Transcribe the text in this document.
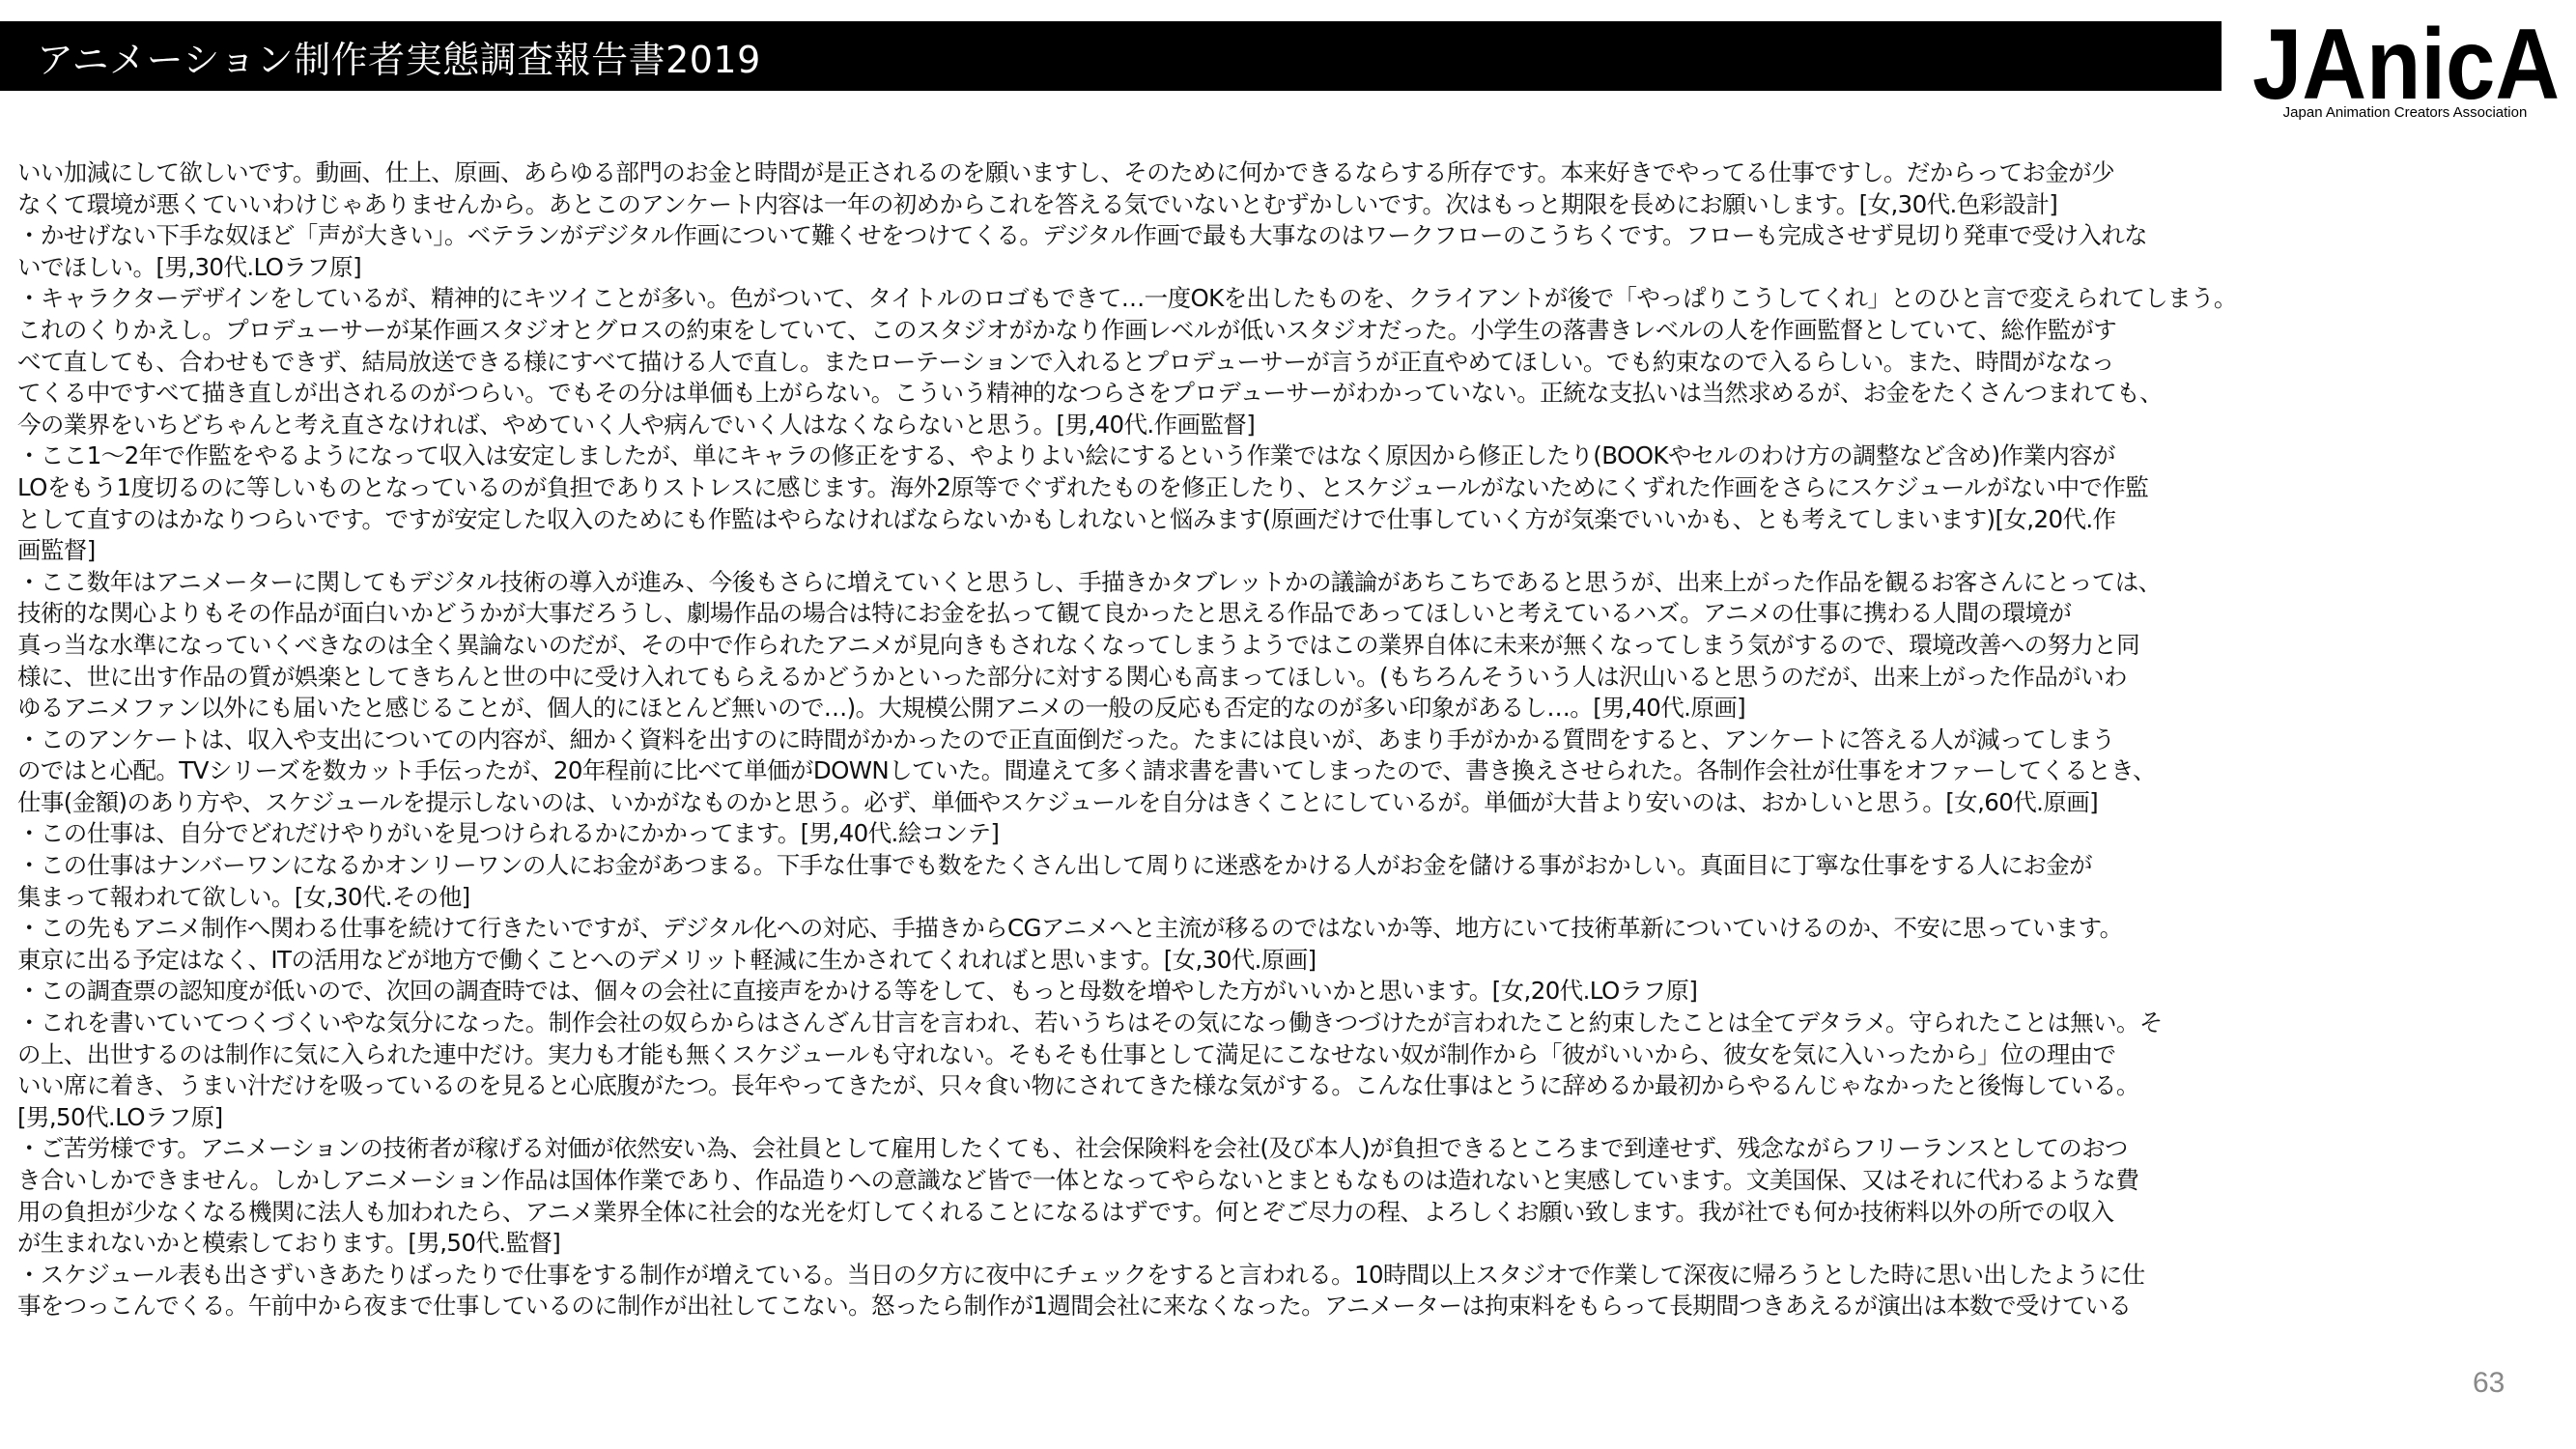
アニメーション制作者実態調査報告書2019	JAnicA
Japan Animation Creators Association
いい加減にして欲しいです。動画、仕上、原画、あらゆる部門のお金と時間が是正されるのを願いますし、そのために何かできるならする所存です。本来好きでやってる仕事ですし。だからってお金が少
なくて環境が悪くていいわけじゃありませんから。あとこのアンケート内容は一年の初めからこれを答える気でいないとむずかしいです。次はもっと期限を長めにお願いします。[女,30代.色彩設計]
・かせげない下手な奴ほど「声が大きい」。ベテランがデジタル作画について難くせをつけてくる。デジタル作画で最も大事なのはワークフローのこうちくです。フローも完成させず見切り発車で受け入れな
いでほしい。[男,30代.LOラフ原]
・キャラクターデザインをしているが、精神的にキツイことが多い。色がついて、タイトルのロゴもできて…一度OKを出したものを、クライアントが後で「やっぱりこうしてくれ」とのひと言で変えられてしまう。
これのくりかえし。プロデューサーが某作画スタジオとグロスの約束をしていて、このスタジオがかなり作画レベルが低いスタジオだった。小学生の落書きレベルの人を作画監督としていて、総作監がす
べて直しても、合わせもできず、結局放送できる様にすべて描ける人で直し。またローテーションで入れるとプロデューサーが言うが正直やめてほしい。でも約束なので入るらしい。また、時間がななっ
てくる中ですべて描き直しが出されるのがつらい。でもその分は単価も上がらない。こういう精神的なつらさをプロデューサーがわかっていない。正統な支払いは当然求めるが、お金をたくさんつまれても、
今の業界をいちどちゃんと考え直さなければ、やめていく人や病んでいく人はなくならないと思う。[男,40代.作画監督]
・ここ1～2年で作監をやるようになって収入は安定しましたが、単にキャラの修正をする、やよりよい絵にするという作業ではなく原因から修正したり(BOOKやセルのわけ方の調整など含め)作業内容が
LOをもう1度切るのに等しいものとなっているのが負担でありストレスに感じます。海外2原等でぐずれたものを修正したり、とスケジュールがないためにくずれた作画をさらにスケジュールがない中で作監
として直すのはかなりつらいです。ですが安定した収入のためにも作監はやらなければならないかもしれないと悩みます(原画だけで仕事していく方が気楽でいいかも、とも考えてしまいます)[女,20代.作
画監督]
・ここ数年はアニメーターに関してもデジタル技術の導入が進み、今後もさらに増えていくと思うし、手描きかタブレットかの議論があちこちであると思うが、出来上がった作品を観るお客さんにとっては、
技術的な関心よりもその作品が面白いかどうかが大事だろうし、劇場作品の場合は特にお金を払って観て良かったと思える作品であってほしいと考えているハズ。アニメの仕事に携わる人間の環境が
真っ当な水準になっていくべきなのは全く異論ないのだが、その中で作られたアニメが見向きもされなくなってしまうようではこの業界自体に未来が無くなってしまう気がするので、環境改善への努力と同
様に、世に出す作品の質が娯楽としてきちんと世の中に受け入れてもらえるかどうかといった部分に対する関心も高まってほしい。(もちろんそういう人は沢山いると思うのだが、出来上がった作品がいわ
ゆるアニメファン以外にも届いたと感じることが、個人的にほとんど無いので…)。大規模公開アニメの一般の反応も否定的なのが多い印象があるし…。[男,40代.原画]
・このアンケートは、収入や支出についての内容が、細かく資料を出すのに時間がかかったので正直面倒だった。たまには良いが、あまり手がかかる質問をすると、アンケートに答える人が減ってしまう
のではと心配。TVシリーズを数カット手伝ったが、20年程前に比べて単価がDOWNしていた。間違えて多く請求書を書いてしまったので、書き換えさせられた。各制作会社が仕事をオファーしてくるとき、
仕事(金額)のあり方や、スケジュールを提示しないのは、いかがなものかと思う。必ず、単価やスケジュールを自分はきくことにしているが。単価が大昔より安いのは、おかしいと思う。[女,60代.原画]
・この仕事は、自分でどれだけやりがいを見つけられるかにかかってます。[男,40代.絵コンテ]
・この仕事はナンバーワンになるかオンリーワンの人にお金があつまる。下手な仕事でも数をたくさん出して周りに迷惑をかける人がお金を儲ける事がおかしい。真面目に丁寧な仕事をする人にお金が
集まって報われて欲しい。[女,30代.その他]
・この先もアニメ制作へ関わる仕事を続けて行きたいですが、デジタル化への対応、手描きからCGアニメへと主流が移るのではないか等、地方にいて技術革新についていけるのか、不安に思っています。
東京に出る予定はなく、ITの活用などが地方で働くことへのデメリット軽減に生かされてくれればと思います。[女,30代.原画]
・この調査票の認知度が低いので、次回の調査時では、個々の会社に直接声をかける等をして、もっと母数を増やした方がいいかと思います。[女,20代.LOラフ原]
・これを書いていてつくづくいやな気分になった。制作会社の奴らからはさんざん甘言を言われ、若いうちはその気になっ働きつづけたが言われたこと約束したことは全てデタラメ。守られたことは無い。そ
の上、出世するのは制作に気に入られた連中だけ。実力も才能も無くスケジュールも守れない。そもそも仕事として満足にこなせない奴が制作から「彼がいいから、彼女を気に入いったから」位の理由で
いい席に着き、うまい汁だけを吸っているのを見ると心底腹がたつ。長年やってきたが、只々食い物にされてきた様な気がする。こんな仕事はとうに辞めるか最初からやるんじゃなかったと後悔している。
[男,50代.LOラフ原]
・ご苦労様です。アニメーションの技術者が稼げる対価が依然安い為、会社員として雇用したくても、社会保険料を会社(及び本人)が負担できるところまで到達せず、残念ながらフリーランスとしてのおつ
き合いしかできません。しかしアニメーション作品は国体作業であり、作品造りへの意識など皆で一体となってやらないとまともなものは造れないと実感しています。文美国保、又はそれに代わるような費
用の負担が少なくなる機関に法人も加われたら、アニメ業界全体に社会的な光を灯してくれることになるはずです。何とぞご尽力の程、よろしくお願い致します。我が社でも何か技術料以外の所での収入
が生まれないかと模索しております。[男,50代.監督]
・スケジュール表も出さずいきあたりばったりで仕事をする制作が増えている。当日の夕方に夜中にチェックをすると言われる。10時間以上スタジオで作業して深夜に帰ろうとした時に思い出したように仕
事をつっこんでくる。午前中から夜まで仕事しているのに制作が出社してこない。怒ったら制作が1週間会社に来なくなった。アニメーターは拘束料をもらって長期間つきあえるが演出は本数で受けている
63
